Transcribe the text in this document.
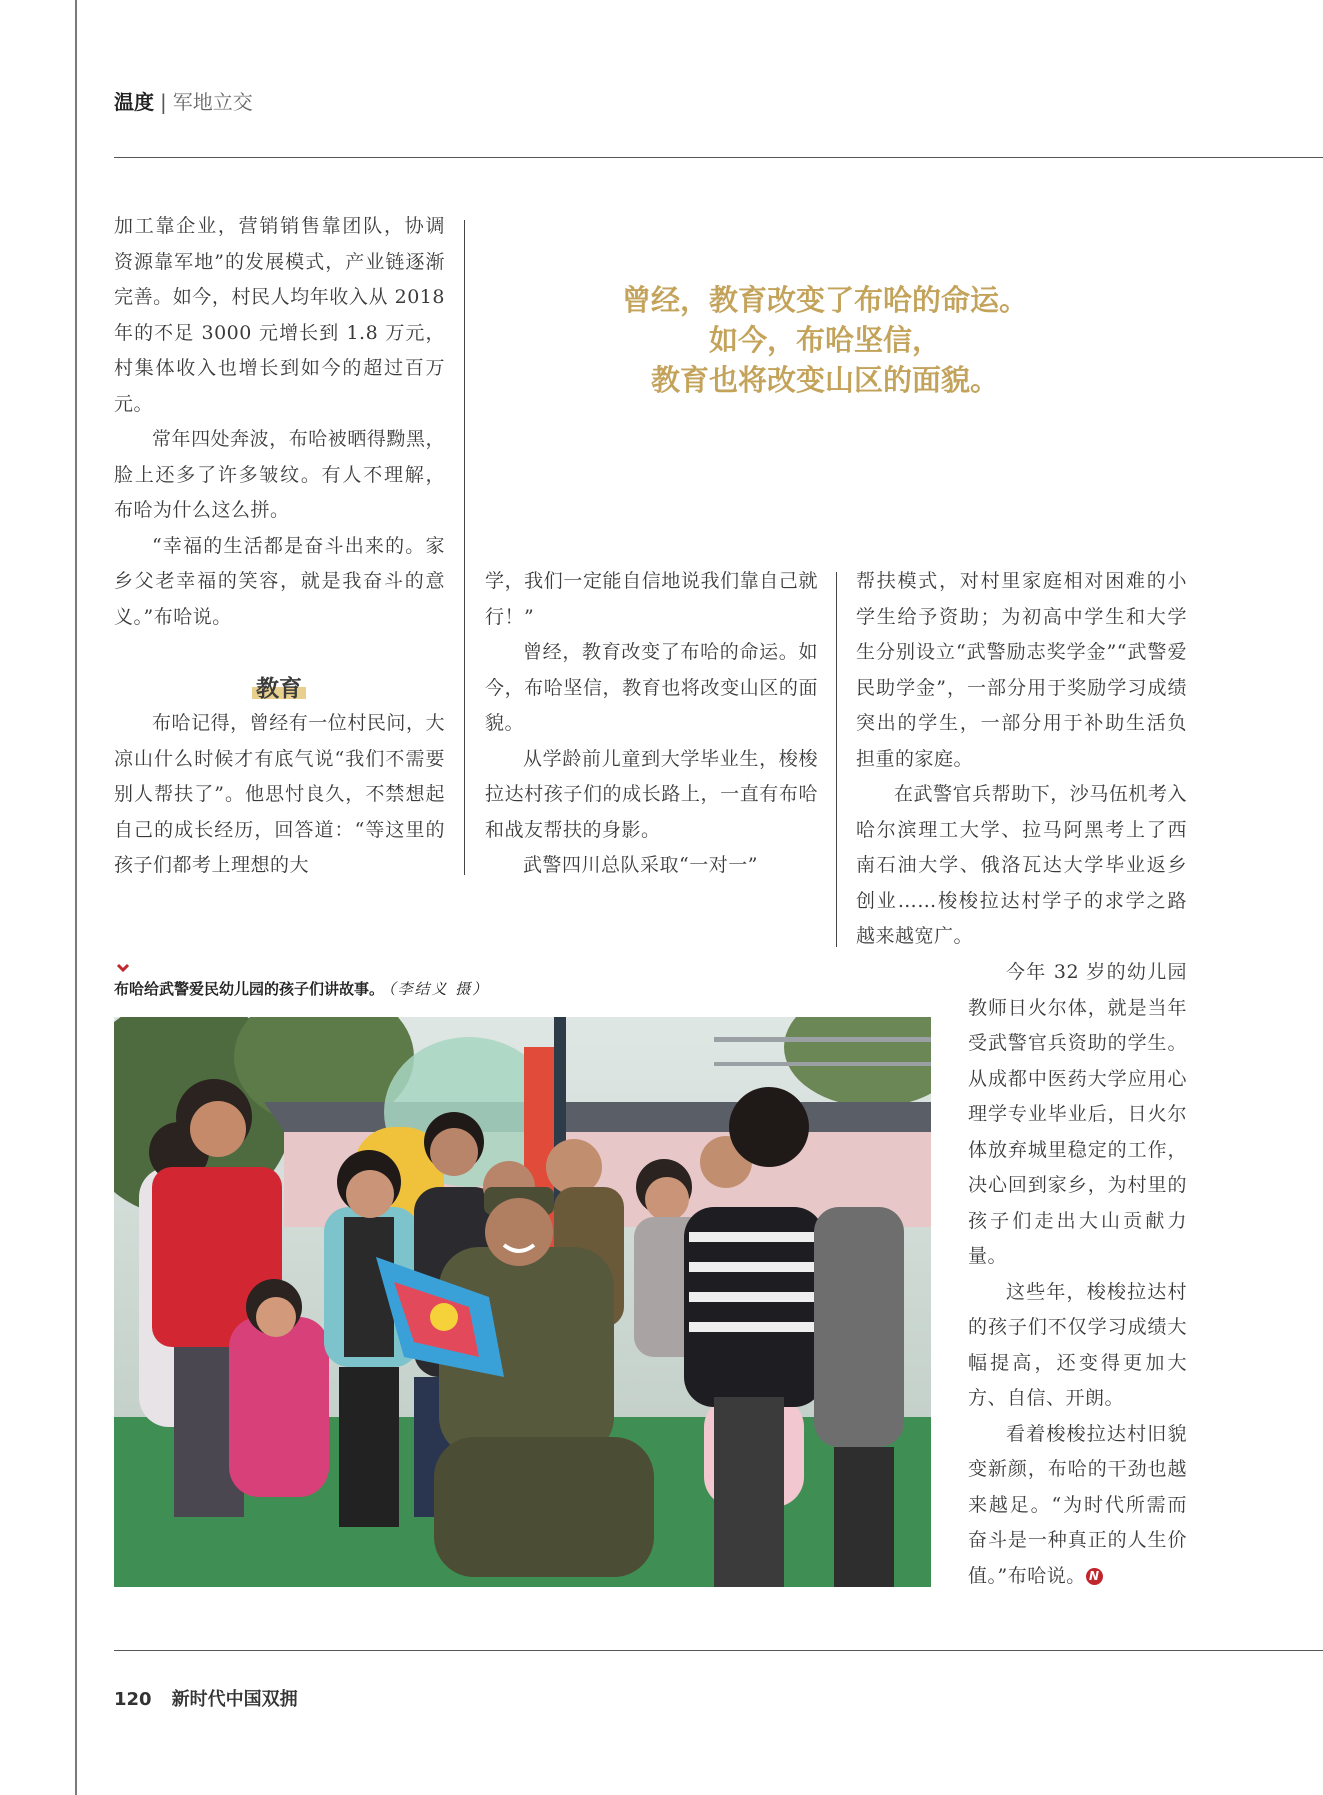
温度 | 军地立交
曾经，教育改变了布哈的命运。
如今，布哈坚信，
教育也将改变山区的面貌。

加工靠企业，营销销售靠团队，协调资源靠军地”的发展模式，产业链逐渐完善。如今，村民人均年收入从 2018 年的不足 3000 元增长到 1.8 万元，村集体收入也增长到如今的超过百万元。

常年四处奔波，布哈被晒得黝黑，脸上还多了许多皱纹。有人不理解，布哈为什么这么拼。

“幸福的生活都是奋斗出来的。家乡父老幸福的笑容，就是我奋斗的意义。”布哈说。

教育

布哈记得，曾经有一位村民问，大凉山什么时候才有底气说“我们不需要别人帮扶了”。他思忖良久，不禁想起自己的成长经历，回答道：“等这里的孩子们都考上理想的大

学，我们一定能自信地说我们靠自己就行！”

曾经，教育改变了布哈的命运。如今，布哈坚信，教育也将改变山区的面貌。

从学龄前儿童到大学毕业生，梭梭拉达村孩子们的成长路上，一直有布哈和战友帮扶的身影。

武警四川总队采取“一对一”

帮扶模式，对村里家庭相对困难的小学生给予资助；为初高中学生和大学生分别设立“武警励志奖学金”“武警爱民助学金”，一部分用于奖励学习成绩突出的学生，一部分用于补助生活负担重的家庭。

在武警官兵帮助下，沙马伍机考入哈尔滨理工大学、拉马阿黑考上了西南石油大学、俄洛瓦达大学毕业返乡创业……梭梭拉达村学子的求学之路越来越宽广。

今年 32 岁的幼儿园教师日火尔体，就是当年受武警官兵资助的学生。从成都中医药大学应用心理学专业毕业后，日火尔体放弃城里稳定的工作，决心回到家乡，为村里的孩子们走出大山贡献力量。

这些年，梭梭拉达村的孩子们不仅学习成绩大幅提高，还变得更加大方、自信、开朗。

看着梭梭拉达村旧貌变新颜，布哈的干劲也越来越足。“为时代所需而奋斗是一种真正的人生价值。”布哈说。 N

布哈给武警爱民幼儿园的孩子们讲故事。 （李结义 摄）
120 新时代中国双拥
